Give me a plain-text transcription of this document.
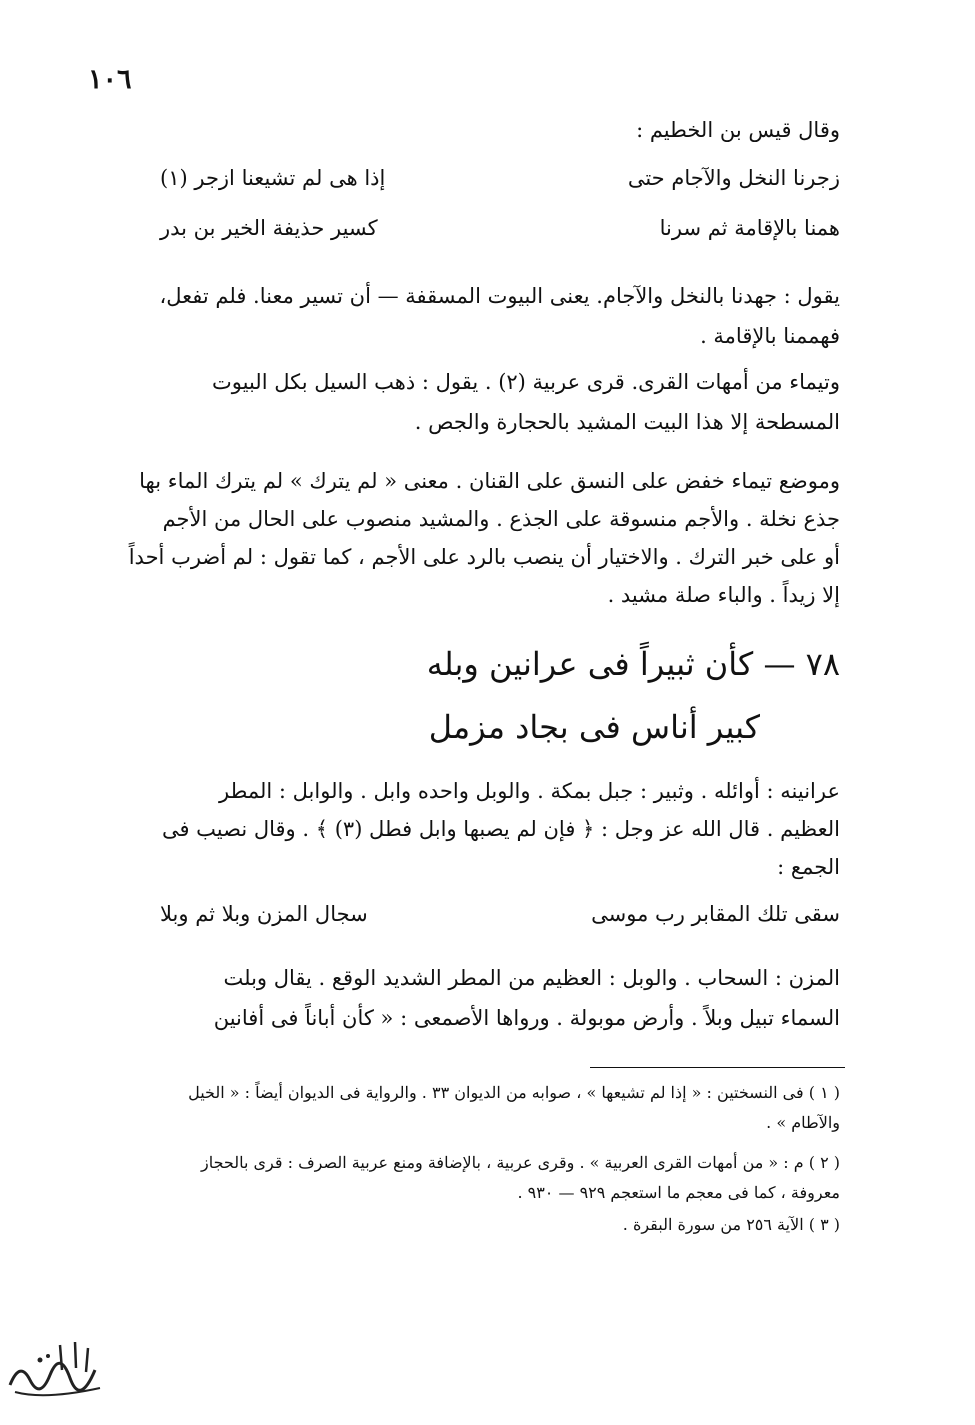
١٠٦
وقال قيس بن الخطيم :
زجرنا النخل والآجام حتى
إذا هى لم تشيعنا ازجر (١)
همنا بالإقامة ثم سرنا
كسير حذيفة الخير بن بدر
يقول : جهدنا بالنخل والآجام. يعنى البيوت المسقفة — أن تسير معنا. فلم تفعل،
فهممنا بالإقامة .
وتيماء من أمهات القرى. قرى عربية (٢) . يقول : ذهب السيل بكل البيوت
المسطحة إلا هذا البيت المشيد بالحجارة والجص .
وموضع تيماء خفض على النسق على القنان . معنى « لم يترك » لم يترك الماء بها
جذع نخلة . والأجم منسوقة على الجذع . والمشيد منصوب على الحال من الأجم
أو على خبر الترك . والاختيار أن ينصب بالرد على الأجم ، كما تقول : لم أضرب أحداً
إلا زيداً . والباء صلة مشيد .
٧٨ — كأن ثبيراً فى عرانين وبله
كبير أناس فى بجاد مزمل
عرانينه : أوائله . وثبير : جبل بمكة . والوبل واحده وابل . والوابل : المطر
العظيم . قال الله عز وجل : ﴿ فإن لم يصبها وابل فطل (٣) ﴾ . وقال نصيب فى
الجمع :
سقى تلك المقابر رب موسى
سجال المزن وبلا ثم وبلا
المزن : السحاب . والوبل : العظيم من المطر الشديد الوقع . يقال وبلت
السماء تبيل وبلاً . وأرض موبولة . ورواها الأصمعى : « كأن أباناً فى أفانين
( ١ ) فى النسختين : « إذا لم تشيعها » ، صوابه من الديوان ٣٣ . والرواية فى الديوان أيضاً : « الخيل
والآطام » .
( ٢ ) م : « من أمهات القرى العربية » . وقرى عربية ، بالإضافة ومنع عربية الصرف : قرى بالحجاز
معروفة ، كما فى معجم ما استعجم ٩٢٩ — ٩٣٠ .
( ٣ ) الآية ٢٥٦ من سورة البقرة .
